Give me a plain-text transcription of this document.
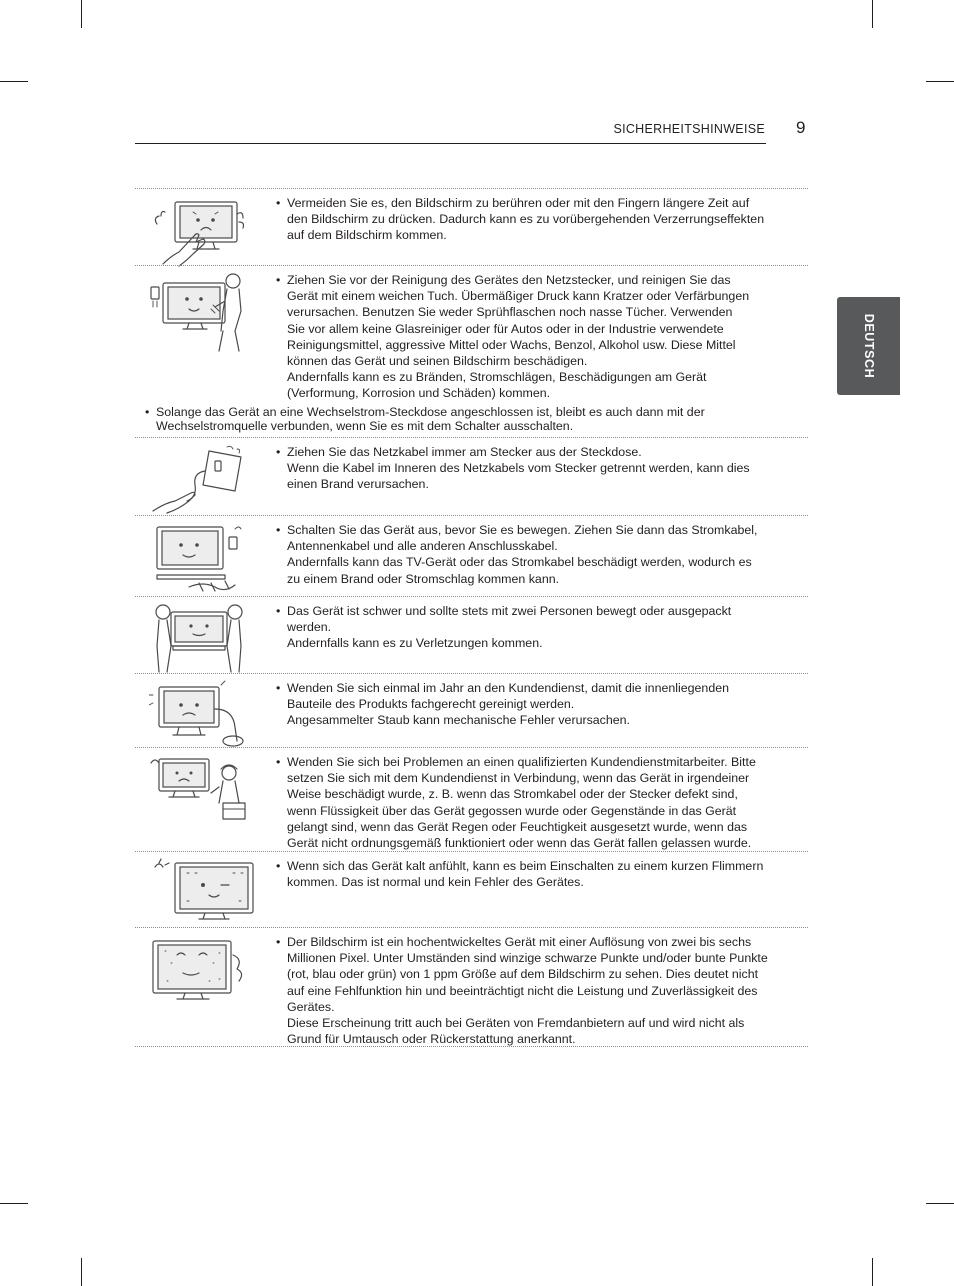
SICHERHEITSHINWEISE 9
DEUTSCH
• Vermeiden Sie es, den Bildschirm zu berühren oder mit den Fingern längere Zeit auf
den Bildschirm zu drücken. Dadurch kann es zu vorübergehenden Verzerrungseffekten
auf dem Bildschirm kommen.
• Ziehen Sie vor der Reinigung des Gerätes den Netzstecker, und reinigen Sie das
Gerät mit einem weichen Tuch. Übermäßiger Druck kann Kratzer oder Verfärbungen
verursachen. Benutzen Sie weder Sprühflaschen noch nasse Tücher. Verwenden
Sie vor allem keine Glasreiniger oder für Autos oder in der Industrie verwendete
Reinigungsmittel, aggressive Mittel oder Wachs, Benzol, Alkohol usw. Diese Mittel
können das Gerät und seinen Bildschirm beschädigen.
Andernfalls kann es zu Bränden, Stromschlägen, Beschädigungen am Gerät
(Verformung, Korrosion und Schäden) kommen.
• Solange das Gerät an eine Wechselstrom-Steckdose angeschlossen ist, bleibt es auch dann mit der
Wechselstromquelle verbunden, wenn Sie es mit dem Schalter ausschalten.
• Ziehen Sie das Netzkabel immer am Stecker aus der Steckdose.
Wenn die Kabel im Inneren des Netzkabels vom Stecker getrennt werden, kann dies
einen Brand verursachen.
• Schalten Sie das Gerät aus, bevor Sie es bewegen. Ziehen Sie dann das Stromkabel,
Antennenkabel und alle anderen Anschlusskabel.
Andernfalls kann das TV-Gerät oder das Stromkabel beschädigt werden, wodurch es
zu einem Brand oder Stromschlag kommen kann.
• Das Gerät ist schwer und sollte stets mit zwei Personen bewegt oder ausgepackt
werden.
Andernfalls kann es zu Verletzungen kommen.
• Wenden Sie sich einmal im Jahr an den Kundendienst, damit die innenliegenden
Bauteile des Produkts fachgerecht gereinigt werden.
Angesammelter Staub kann mechanische Fehler verursachen.
• Wenden Sie sich bei Problemen an einen qualifizierten Kundendienstmitarbeiter. Bitte
setzen Sie sich mit dem Kundendienst in Verbindung, wenn das Gerät in irgendeiner
Weise beschädigt wurde, z. B. wenn das Stromkabel oder der Stecker defekt sind,
wenn Flüssigkeit über das Gerät gegossen wurde oder Gegenstände in das Gerät
gelangt sind, wenn das Gerät Regen oder Feuchtigkeit ausgesetzt wurde, wenn das
Gerät nicht ordnungsgemäß funktioniert oder wenn das Gerät fallen gelassen wurde.
• Wenn sich das Gerät kalt anfühlt, kann es beim Einschalten zu einem kurzen Flimmern
kommen. Das ist normal und kein Fehler des Gerätes.
• Der Bildschirm ist ein hochentwickeltes Gerät mit einer Auflösung von zwei bis sechs
Millionen Pixel. Unter Umständen sind winzige schwarze Punkte und/oder bunte Punkte
(rot, blau oder grün) von 1 ppm Größe auf dem Bildschirm zu sehen. Dies deutet nicht
auf eine Fehlfunktion hin und beeinträchtigt nicht die Leistung und Zuverlässigkeit des
Gerätes.
Diese Erscheinung tritt auch bei Geräten von Fremdanbietern auf und wird nicht als
Grund für Umtausch oder Rückerstattung anerkannt.
